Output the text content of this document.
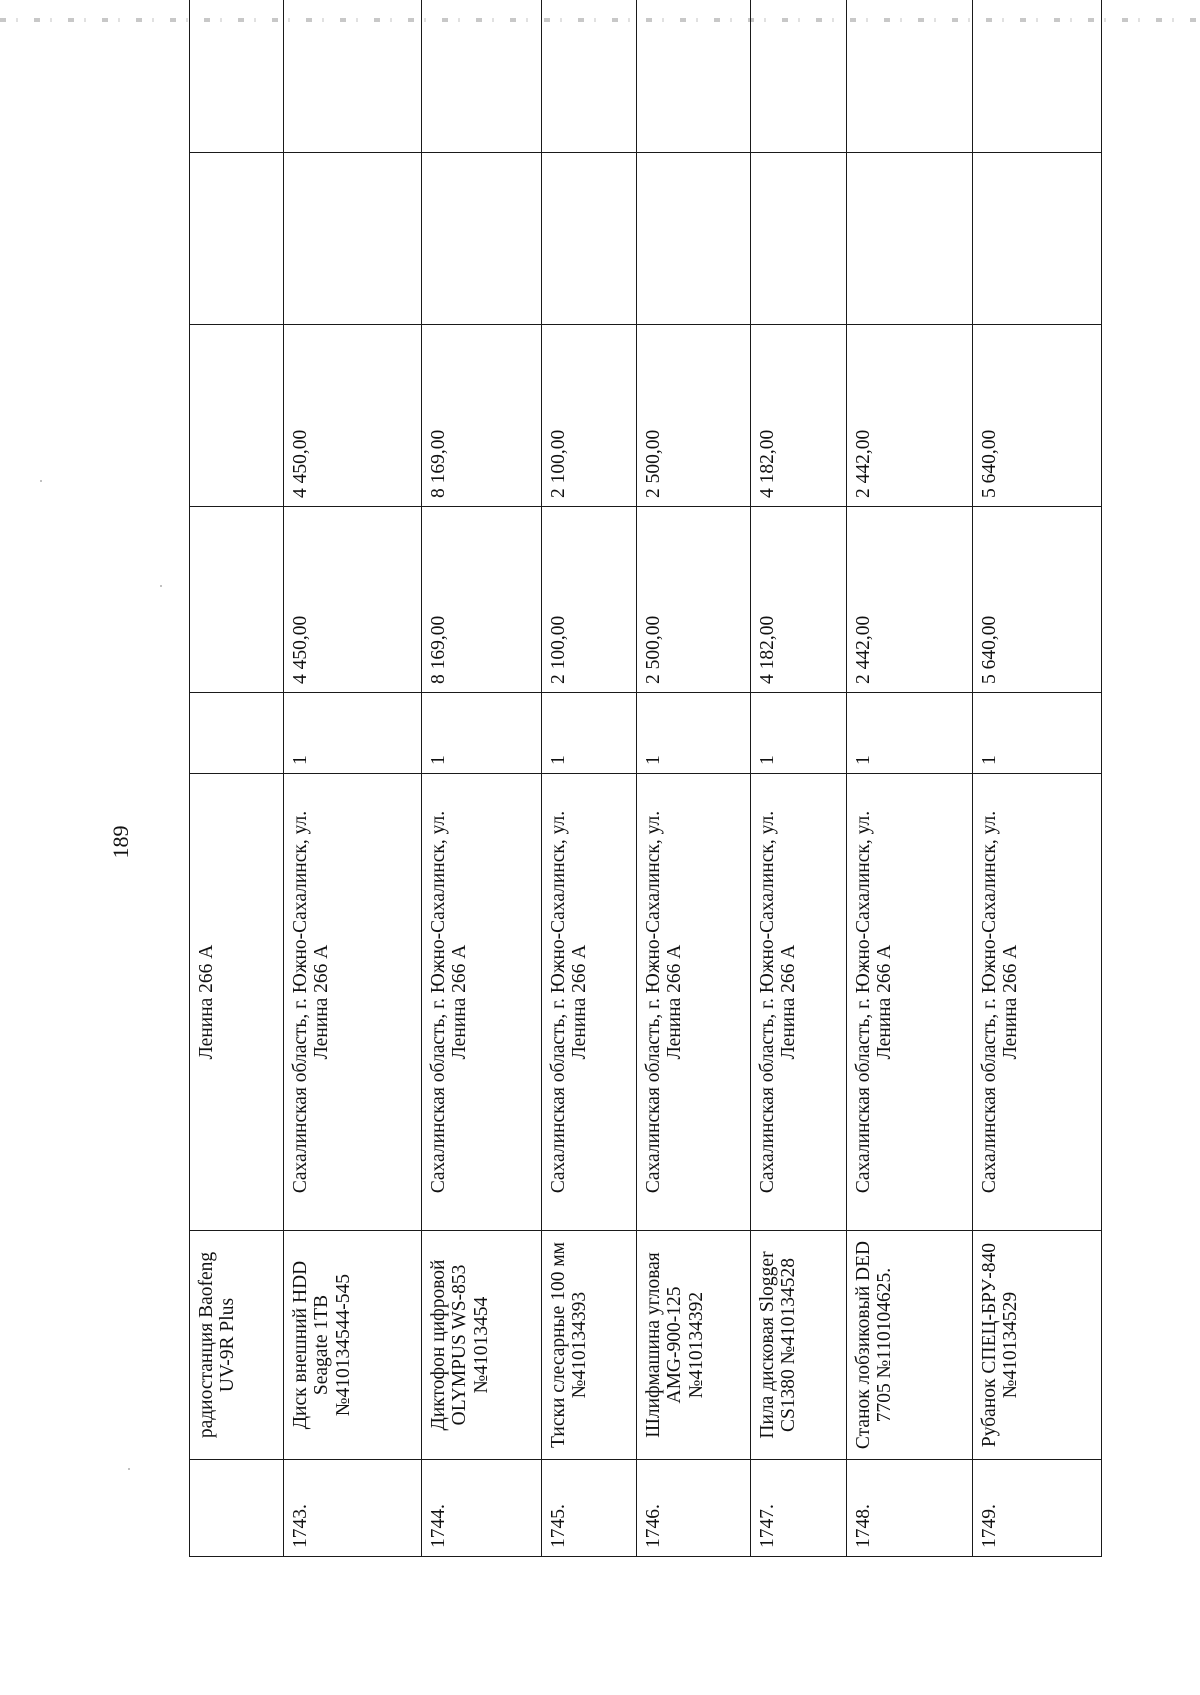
189
	радиостанция Baofeng UV-9R Plus	Ленина 266 А					
1743.	Диск внешний HDD Seagate 1TB №410134544-545	Сахалинская область, г. Южно-Сахалинск, ул. Ленина 266 А	1	4 450,00	4 450,00		
1744.	Диктофон цифровой OLYMPUS WS-853 №41013454	Сахалинская область, г. Южно-Сахалинск, ул. Ленина 266 А	1	8 169,00	8 169,00		
1745.	Тиски слесарные 100 мм №410134393	Сахалинская область, г. Южно-Сахалинск, ул. Ленина 266 А	1	2 100,00	2 100,00		
1746.	Шлифмашина угловая AMG-900-125 №410134392	Сахалинская область, г. Южно-Сахалинск, ул. Ленина 266 А	1	2 500,00	2 500,00		
1747.	Пила дисковая Slogger CS1380 №410134528	Сахалинская область, г. Южно-Сахалинск, ул. Ленина 266 А	1	4 182,00	4 182,00		
1748.	Станок лобзиковый DED 7705 №110104625.	Сахалинская область, г. Южно-Сахалинск, ул. Ленина 266 А	1	2 442,00	2 442,00		
1749.	Рубанок СПЕЦ-БРУ-840 №410134529	Сахалинская область, г. Южно-Сахалинск, ул. Ленина 266 А	1	5 640,00	5 640,00		
